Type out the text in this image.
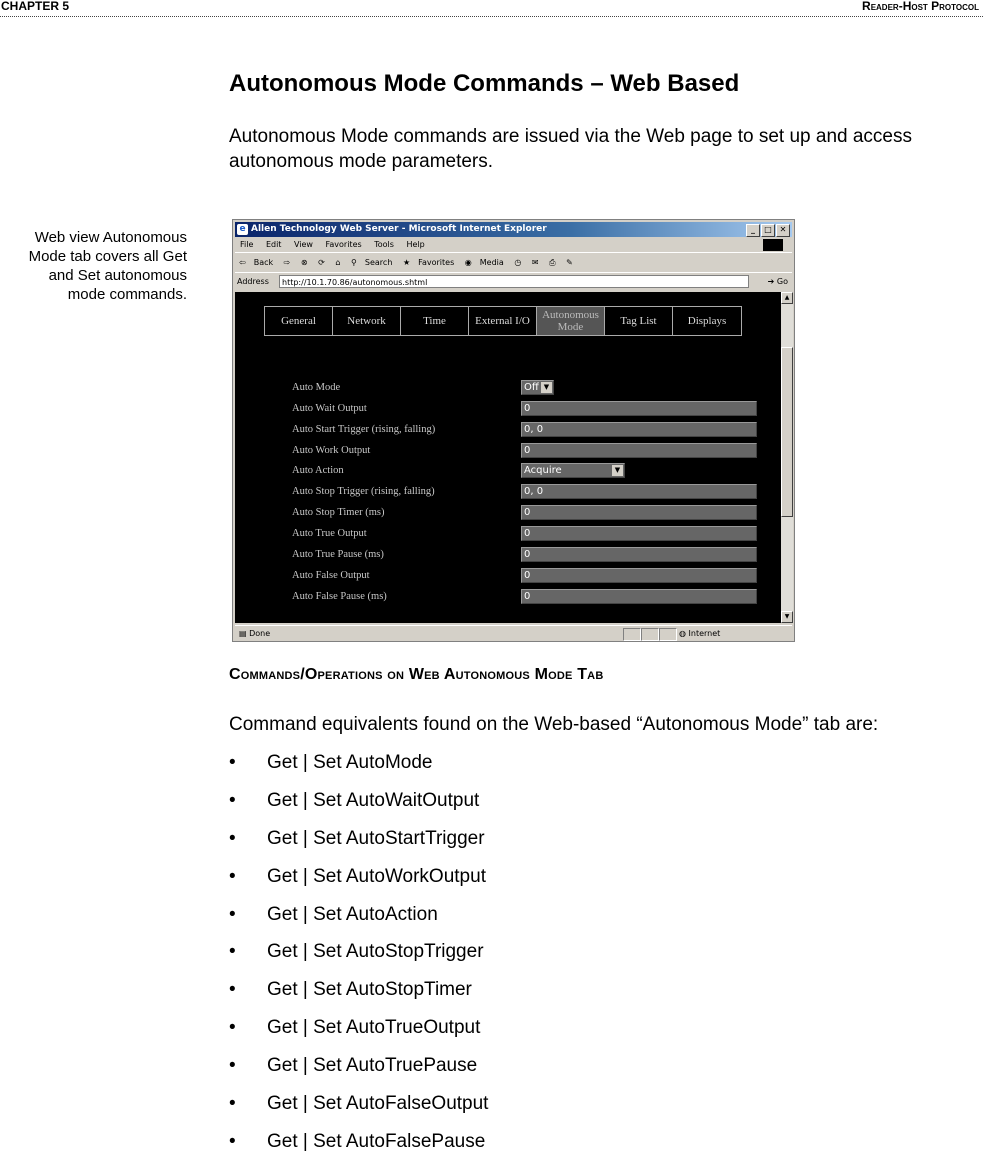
CHAPTER 5	Reader-Host Protocol
Autonomous Mode Commands – Web Based

Autonomous Mode commands are issued via the Web page to set up and access autonomous mode parameters.

Web view Autonomous Mode tab covers all Get and Set autonomous mode commands.
e Allen Technology Web Server - Microsoft Internet Explorer	_ □ ✕
File Edit View Favorites Tools Help
⇦ Back ⇨ ⊗ ⟳ ⌂ ⚲ Search ★ Favorites ◉ Media ◷ ✉ ⎙ ✎
Address	http://10.1.70.86/autonomous.shtml	➔ Go
General	Network	Time	External I/O	Autonomous Mode	Tag List	Displays
Auto Mode	Off ▼
Auto Wait Output	0
Auto Start Trigger (rising, falling)	0, 0
Auto Work Output	0
Auto Action	Acquire	▼
Auto Stop Trigger (rising, falling)	0, 0
Auto Stop Timer (ms)	0
Auto True Output	0
Auto True Pause (ms)	0
Auto False Output	0
Auto False Pause (ms)	0
▲
▼
▤ Done	◍ Internet
Commands/Operations on Web Autonomous Mode Tab

Command equivalents found on the Web-based “Autonomous Mode” tab are:

• Get | Set AutoMode
• Get | Set AutoWaitOutput
• Get | Set AutoStartTrigger
• Get | Set AutoWorkOutput
• Get | Set AutoAction
• Get | Set AutoStopTrigger
• Get | Set AutoStopTimer
• Get | Set AutoTrueOutput
• Get | Set AutoTruePause
• Get | Set AutoFalseOutput
• Get | Set AutoFalsePause
